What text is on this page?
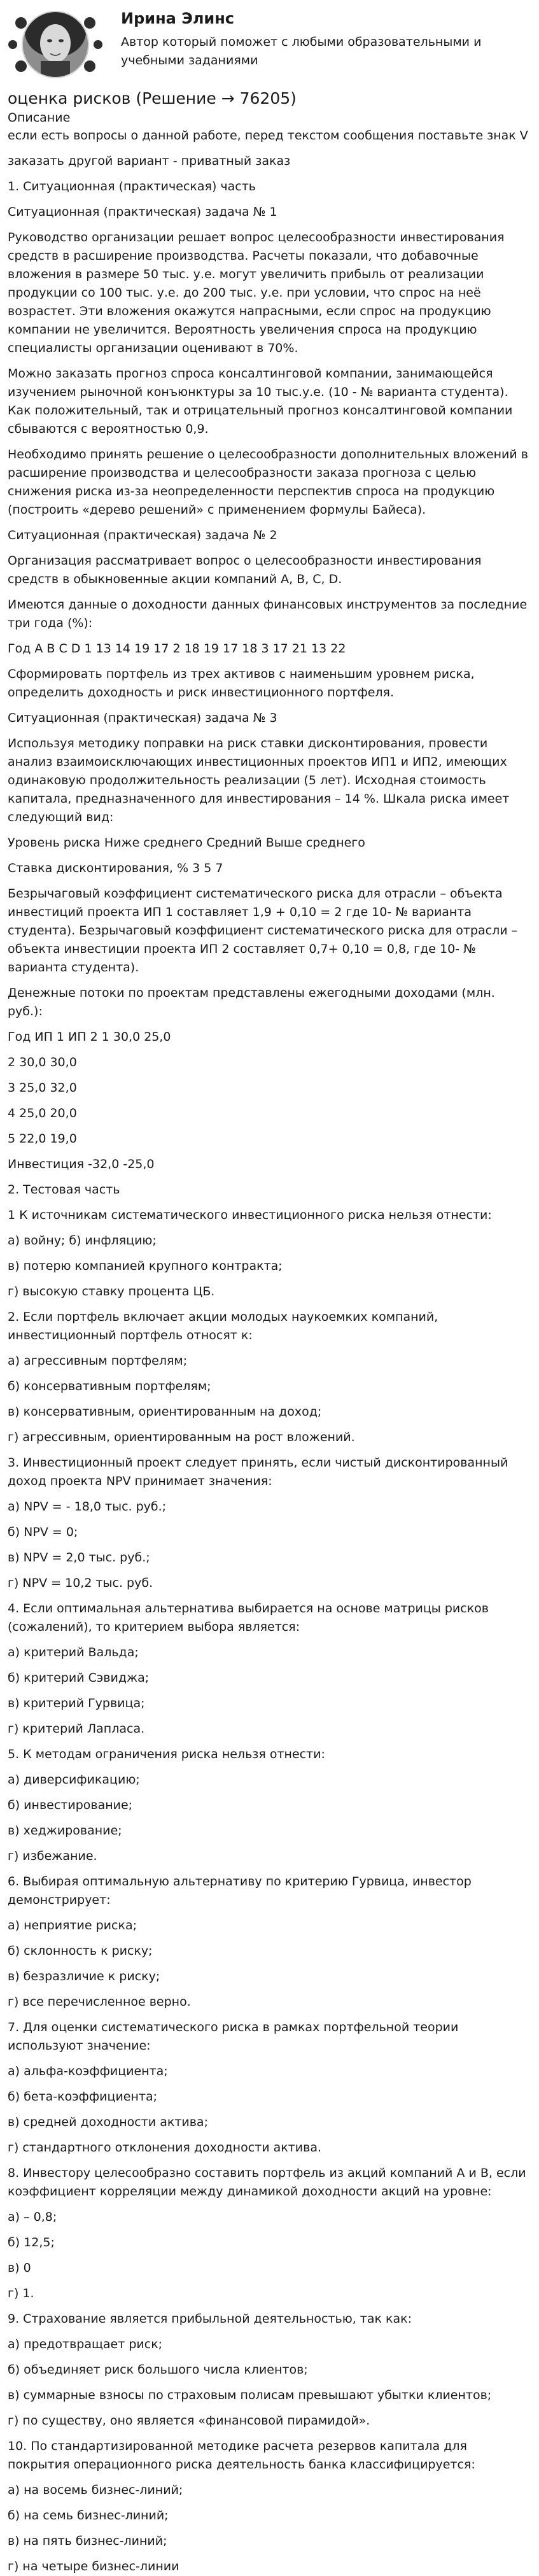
Ирина Элинс
Автор который поможет с любыми образовательными и учебными заданиями
оценка рисков (Решение → 76205)
Описание
если есть вопросы о данной работе, перед текстом сообщения поставьте знак V
заказать другой вариант - приватный заказ
1. Ситуационная (практическая) часть
Ситуационная (практическая) задача № 1
Руководство организации решает вопрос целесообразности инвестирования средств в расширение производства. Расчеты показали, что добавочные вложения в размере 50 тыс. у.е. могут увеличить прибыль от реализации продукции со 100 тыс. у.е. до 200 тыс. у.е. при условии, что спрос на неё возрастет. Эти вложения окажутся напрасными, если спрос на продукцию компании не увеличится. Вероятность увеличения спроса на продукцию специалисты организации оценивают в 70%.
Можно заказать прогноз спроса консалтинговой компании, занимающейся изучением рыночной конъюнктуры за 10 тыс.у.е. (10 - № варианта студента). Как положительный, так и отрицательный прогноз консалтинговой компании сбываются с вероятностью 0,9.
Необходимо принять решение о целесообразности дополнительных вложений в расширение производства и целесообразности заказа прогноза с целью снижения риска из-за неопределенности перспектив спроса на продукцию (построить «дерево решений» с применением формулы Байеса).
Ситуационная (практическая) задача № 2
Организация рассматривает вопрос о целесообразности инвестирования средств в обыкновенные акции компаний А, В, С, D.
Имеются данные о доходности данных финансовых инструментов за последние три года (%):
Год A B C D 1 13 14 19 17 2 18 19 17 18 3 17 21 13 22
Сформировать портфель из трех активов с наименьшим уровнем риска, определить доходность и риск инвестиционного портфеля.
Ситуационная (практическая) задача № 3
Используя методику поправки на риск ставки дисконтирования, провести анализ взаимоисключающих инвестиционных проектов ИП1 и ИП2, имеющих одинаковую продолжительность реализации (5 лет). Исходная стоимость капитала, предназначенного для инвестирования – 14 %. Шкала риска имеет следующий вид:
Уровень риска Ниже среднего Средний Выше среднего
Ставка дисконтирования, % 3 5 7
Безрычаговый коэффициент систематического риска для отрасли – объекта инвестиций проекта ИП 1 составляет 1,9 + 0,10 = 2 где 10- № варианта студента). Безрычаговый коэффициент систематического риска для отрасли – объекта инвестиции проекта ИП 2 составляет 0,7+ 0,10 = 0,8, где 10- № варианта студента).
Денежные потоки по проектам представлены ежегодными доходами (млн. руб.):
Год ИП 1 ИП 2 1 30,0 25,0
2 30,0 30,0
3 25,0 32,0
4 25,0 20,0
5 22,0 19,0
Инвестиция -32,0 -25,0
2. Тестовая часть
1 К источникам систематического инвестиционного риска нельзя отнести:
а) войну; б) инфляцию;
в) потерю компанией крупного контракта;
г) высокую ставку процента ЦБ.
2. Если портфель включает акции молодых наукоемких компаний, инвестиционный портфель относят к:
а) агрессивным портфелям;
б) консервативным портфелям;
в) консервативным, ориентированным на доход;
г) агрессивным, ориентированным на рост вложений.
3. Инвестиционный проект следует принять, если чистый дисконтированный доход проекта NPV принимает значения:
а) NPV = - 18,0 тыс. руб.;
б) NPV = 0;
в) NPV = 2,0 тыс. руб.;
г) NPV = 10,2 тыс. руб.
4. Если оптимальная альтернатива выбирается на основе матрицы рисков (сожалений), то критерием выбора является:
а) критерий Вальда;
б) критерий Сэвиджа;
в) критерий Гурвица;
г) критерий Лапласа.
5. К методам ограничения риска нельзя отнести:
а) диверсификацию;
б) инвестирование;
в) хеджирование;
г) избежание.
6. Выбирая оптимальную альтернативу по критерию Гурвица, инвестор демонстрирует:
а) неприятие риска;
б) склонность к риску;
в) безразличие к риску;
г) все перечисленное верно.
7. Для оценки систематического риска в рамках портфельной теории используют значение:
а) альфа-коэффициента;
б) бета-коэффициента;
в) средней доходности актива;
г) стандартного отклонения доходности актива.
8. Инвестору целесообразно составить портфель из акций компаний A и B, если коэффициент корреляции между динамикой доходности акций на уровне:
а) – 0,8;
б) 12,5;
в) 0
г) 1.
9. Страхование является прибыльной деятельностью, так как:
а) предотвращает риск;
б) объединяет риск большого числа клиентов;
в) суммарные взносы по страховым полисам превышают убытки клиентов;
г) по существу, оно является «финансовой пирамидой».
10. По стандартизированной методике расчета резервов капитала для покрытия операционного риска деятельность банка классифицируется:
а) на восемь бизнес-линий;
б) на семь бизнес-линий;
в) на пять бизнес-линий;
г) на четыре бизнес-линии
